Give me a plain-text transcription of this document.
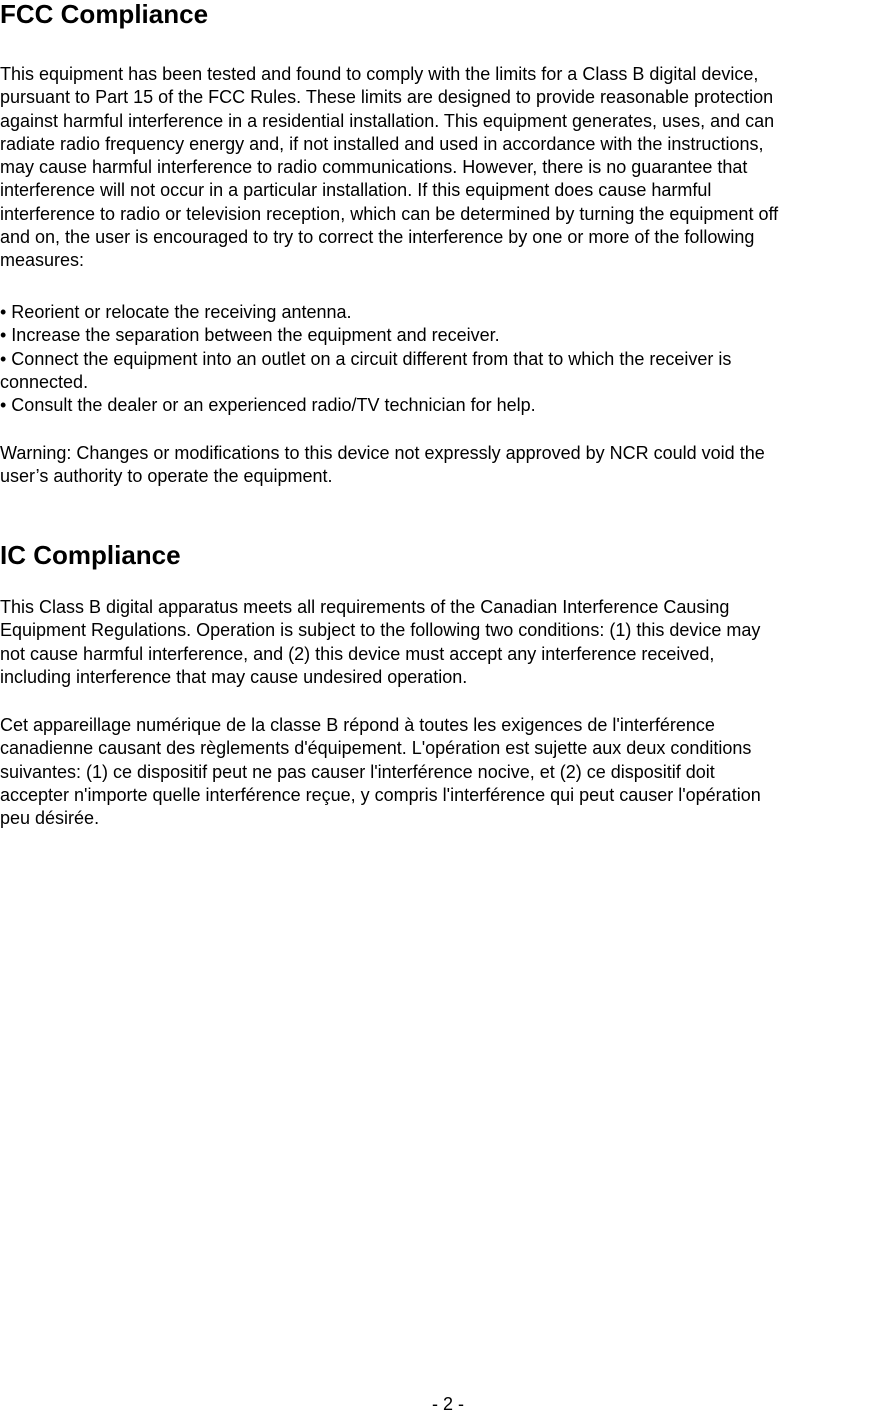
FCC Compliance

This equipment has been tested and found to comply with the limits for a Class B digital device,
pursuant to Part 15 of the FCC Rules. These limits are designed to provide reasonable protection
against harmful interference in a residential installation. This equipment generates, uses, and can
radiate radio frequency energy and, if not installed and used in accordance with the instructions,
may cause harmful interference to radio communications. However, there is no guarantee that
interference will not occur in a particular installation. If this equipment does cause harmful
interference to radio or television reception, which can be determined by turning the equipment off
and on, the user is encouraged to try to correct the interference by one or more of the following
measures:

• Reorient or relocate the receiving antenna.
• Increase the separation between the equipment and receiver.
• Connect the equipment into an outlet on a circuit different from that to which the receiver is
connected.
• Consult the dealer or an experienced radio/TV technician for help.

Warning: Changes or modifications to this device not expressly approved by NCR could void the
user’s authority to operate the equipment.

IC Compliance

This Class B digital apparatus meets all requirements of the Canadian Interference Causing
Equipment Regulations. Operation is subject to the following two conditions: (1) this device may
not cause harmful interference, and (2) this device must accept any interference received,
including interference that may cause undesired operation.

Cet appareillage numérique de la classe B répond à toutes les exigences de l'interférence
canadienne causant des règlements d'équipement. L'opération est sujette aux deux conditions
suivantes: (1) ce dispositif peut ne pas causer l'interférence nocive, et (2) ce dispositif doit
accepter n'importe quelle interférence reçue, y compris l'interférence qui peut causer l'opération
peu désirée.

- 2 -
